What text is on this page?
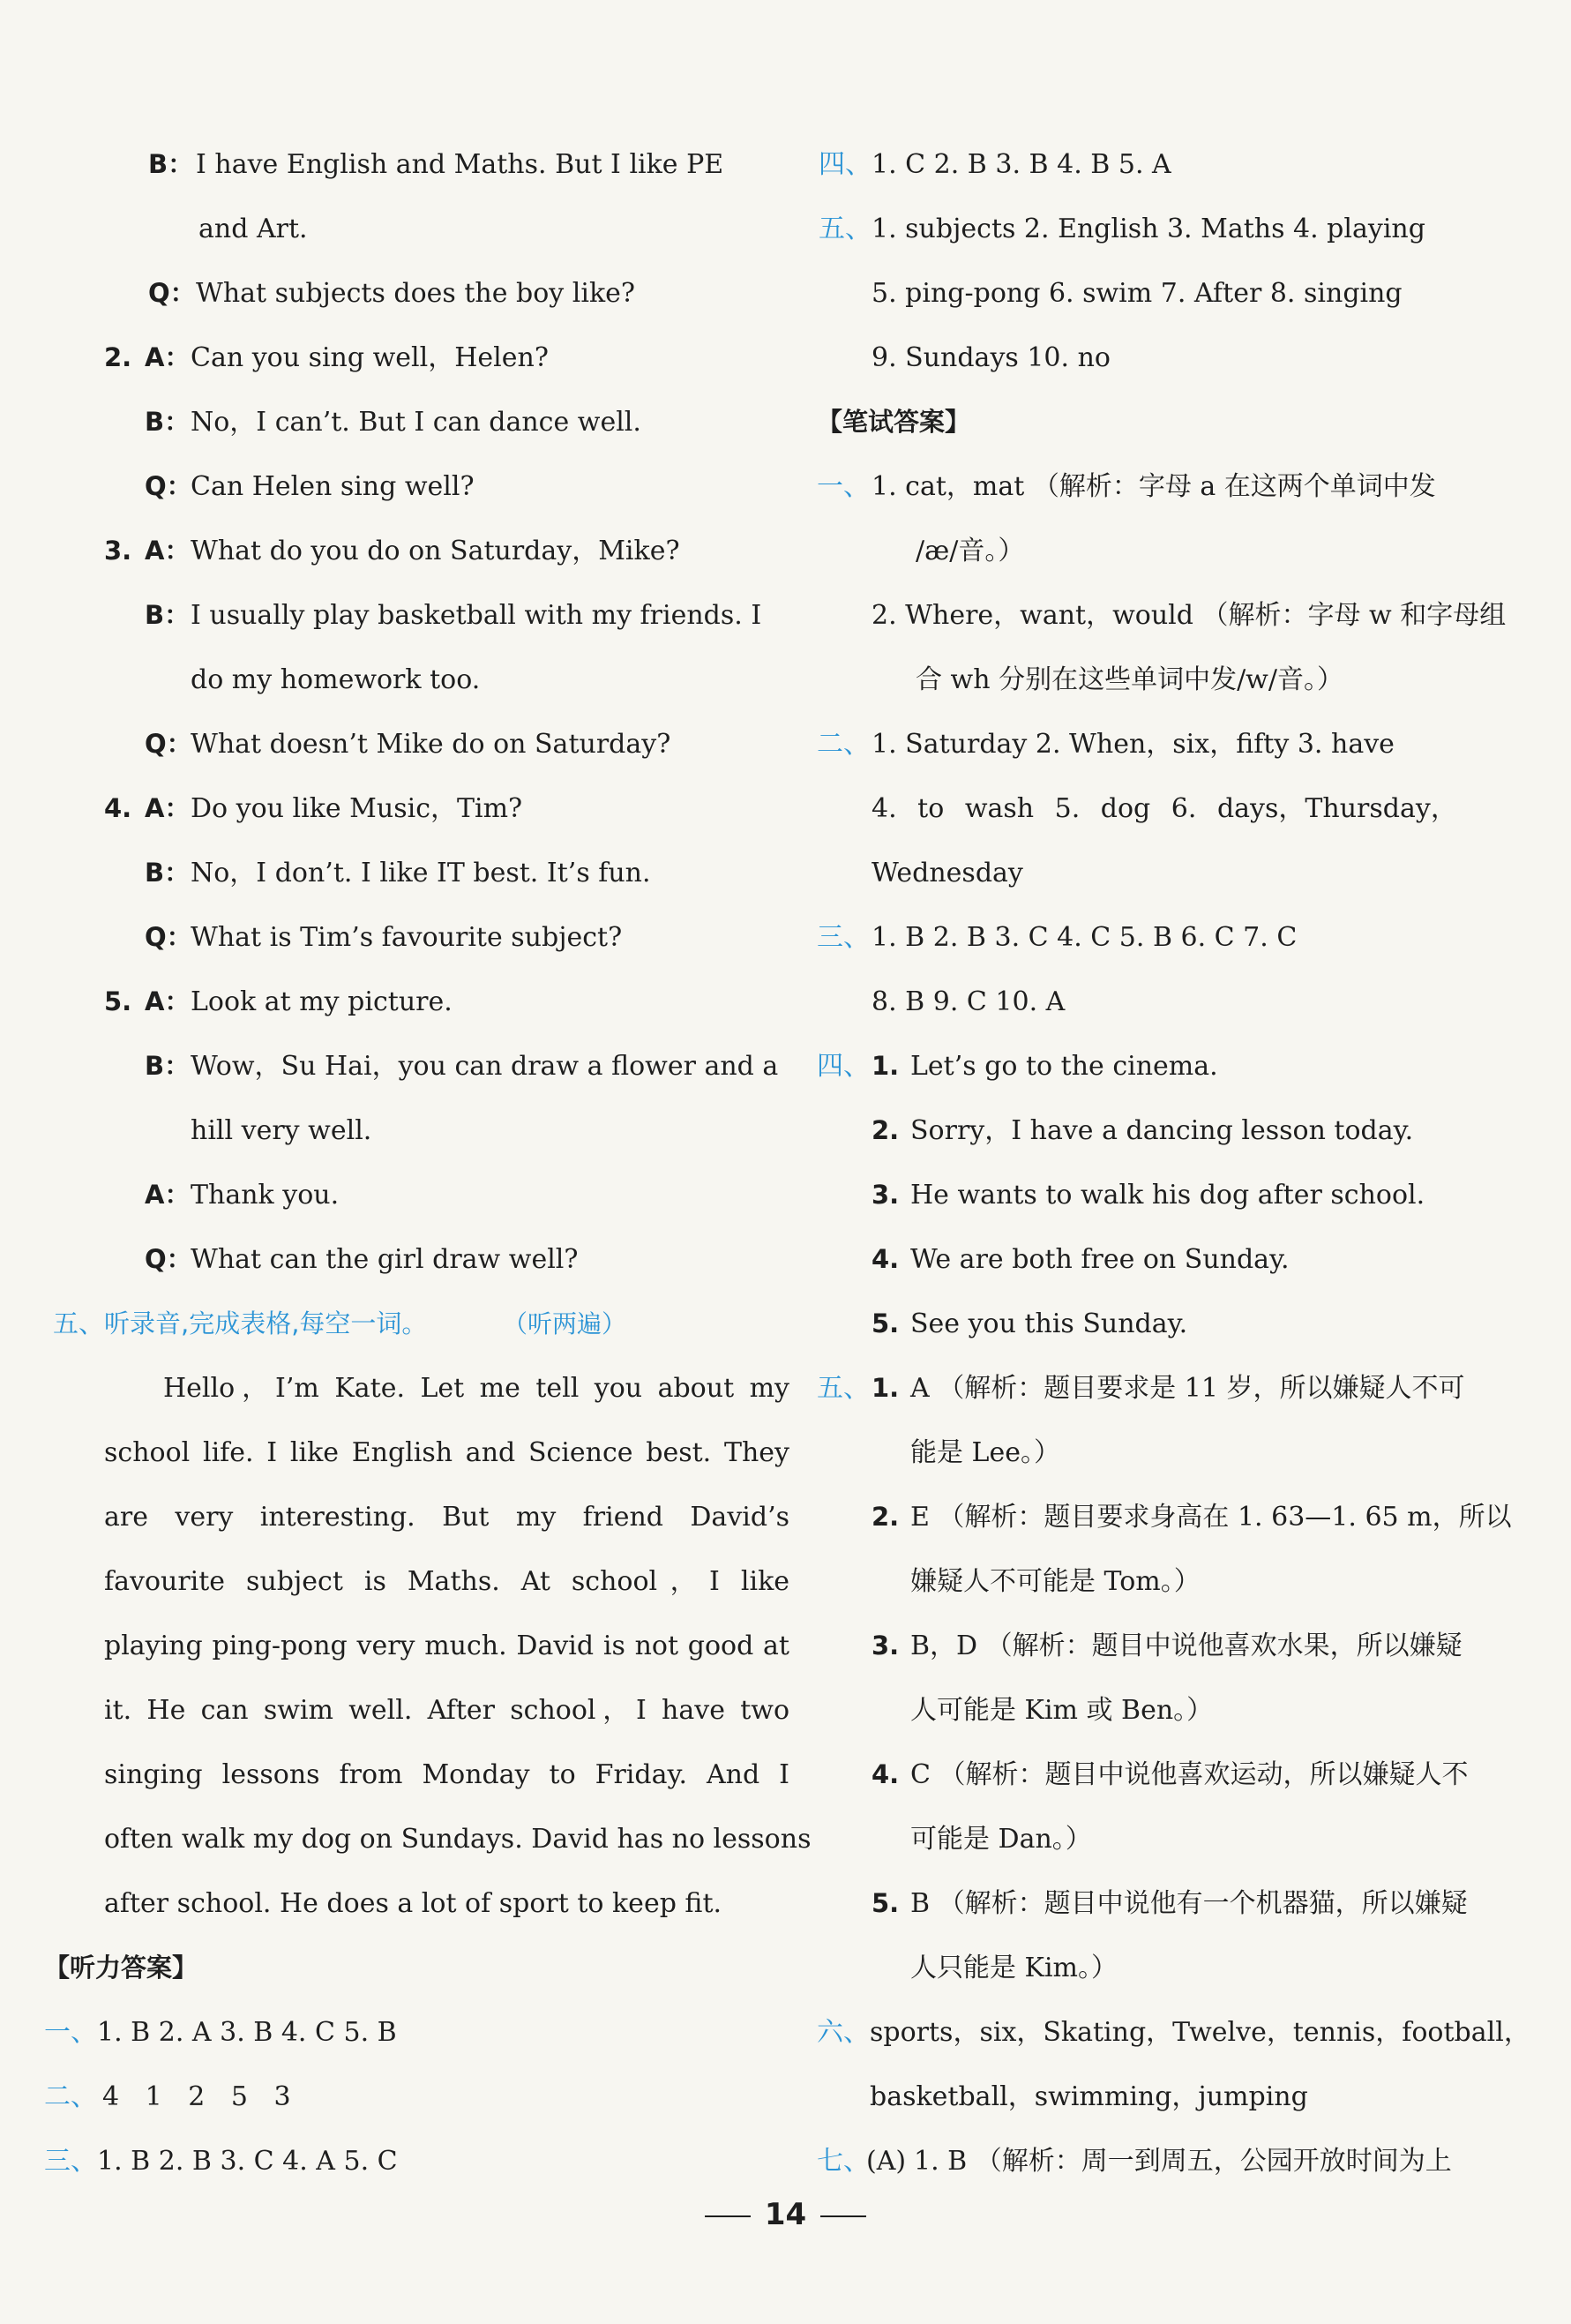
B： I have English and Maths. But I like PE
and Art.
Q： What subjects does the boy like?
2. A： Can you sing well，Helen?
B： No，I can’t. But I can dance well.
Q：
Can Helen sing well?
3. A： What do you do on Saturday，Mike?
B： I usually play basketball with my friends. I
do my homework too.
Q：
What doesn’t Mike do on Saturday?
4. A： Do you like Music，Tim?
B： No，I don’t. I like IT best. It’s fun.
Q：
What is Tim’s favourite subject?
5. A： Look at my picture.
B： Wow，Su Hai，you can draw a flower and a
hill very well.
A： Thank you.
Q：
What can the girl draw well?
五、听录音,完成表格,每空一词。	（听两遍）
Hello，I’m Kate. Let me tell you about my
school life. I like English and Science best. They
are very interesting. But my friend David’s
favourite subject is Maths. At school，I like
playing ping-pong very much. David is not good at
it. He can swim well. After school，I have two
singing lessons from Monday to Friday. And I
often walk my dog on Sundays. David has no lessons
after school. He does a lot of sport to keep fit.
【听力答案】
一、 1. B 2. A 3. B 4. C 5. B
二、 4 1 2 5 3
三、 1. B 2. B 3. C 4. A 5. C
四、 1. C 2. B 3. B 4. B 5. A
五、 1. subjects 2. English 3. Maths 4. playing
5. ping-pong 6. swim 7. After 8. singing
9. Sundays 10. no
【笔试答案】
一、 1. cat，mat （解析：字母 a 在这两个单词中发
/æ/音。）
2. Where，want，would （解析：字母 w 和字母组
合 wh 分别在这些单词中发/w/音。）
二、 1. Saturday 2. When，six，fifty 3. have
4. to wash 5. dog 6. days，Thursday，
Wednesday
三、 1. B 2. B 3. C 4. C 5. B 6. C 7. C
8. B 9. C 10. A
四、 1. Let’s go to the cinema.
2. Sorry，I have a dancing lesson today.
3. He wants to walk his dog after school.
4. We are both free on Sunday.
5. See you this Sunday.
五、 1. A （解析：题目要求是 11 岁，所以嫌疑人不可
能是 Lee。）
2. E （解析：题目要求身高在 1. 63—1. 65 m，所以
嫌疑人不可能是 Tom。）
3. B，D （解析：题目中说他喜欢水果，所以嫌疑
人可能是 Kim 或 Ben。）
4. C （解析：题目中说他喜欢运动，所以嫌疑人不
可能是 Dan。）
5. B （解析：题目中说他有一个机器猫，所以嫌疑
人只能是 Kim。）
六、 sports，six，Skating，Twelve，tennis，football，
basketball，swimming，jumping
七、
(A) 1. B （解析：周一到周五，公园开放时间为上
14
